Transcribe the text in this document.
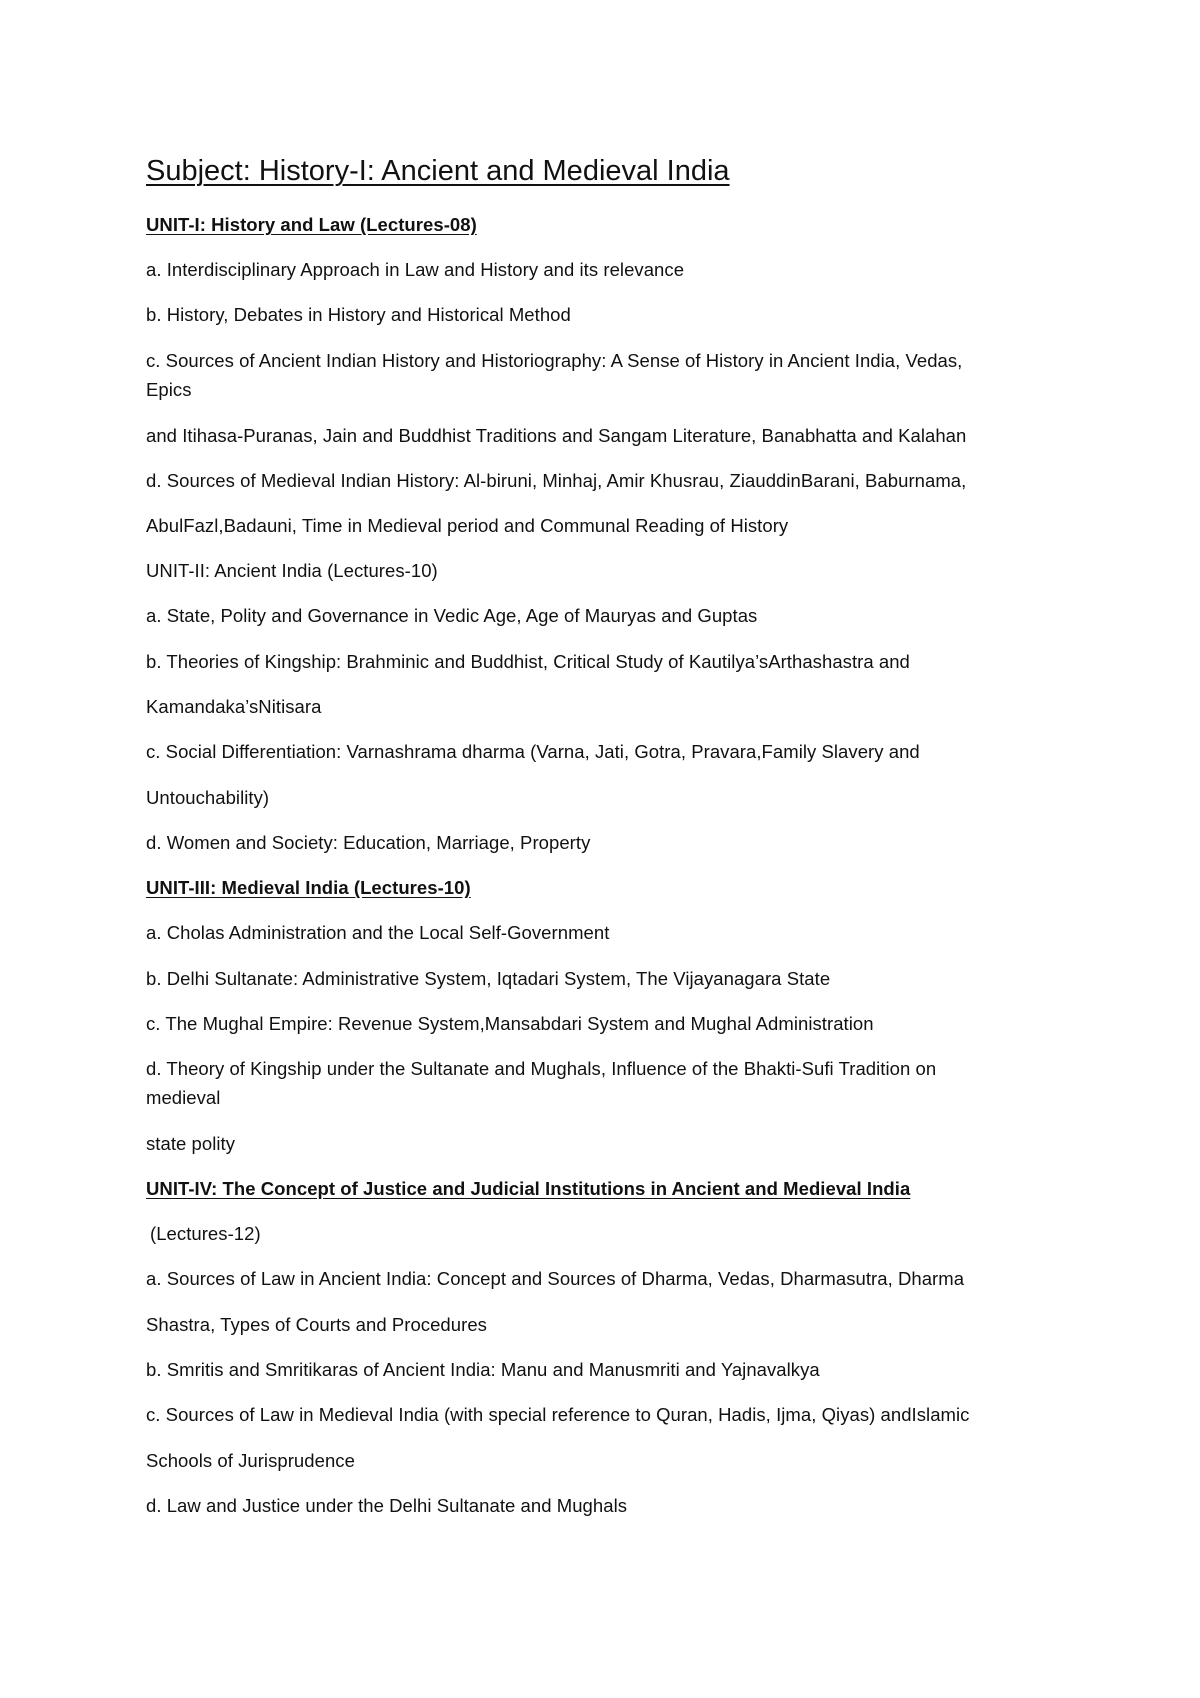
Subject: History-I: Ancient and Medieval India
UNIT-I: History and Law (Lectures-08)
a. Interdisciplinary Approach in Law and History and its relevance
b. History, Debates in History and Historical Method
c. Sources of Ancient Indian History and Historiography: A Sense of History in Ancient India, Vedas,
Epics
and Itihasa-Puranas, Jain and Buddhist Traditions and Sangam Literature, Banabhatta and Kalahan
d. Sources of Medieval Indian History: Al-biruni, Minhaj, Amir Khusrau, ZiauddinBarani, Baburnama,
AbulFazl,Badauni, Time in Medieval period and Communal Reading of History
UNIT-II: Ancient India (Lectures-10)
a. State, Polity and Governance in Vedic Age, Age of Mauryas and Guptas
b. Theories of Kingship: Brahminic and Buddhist, Critical Study of Kautilya’sArthashastra and
Kamandaka’sNitisara
c. Social Differentiation: Varnashrama dharma (Varna, Jati, Gotra, Pravara,Family Slavery and
Untouchability)
d. Women and Society: Education, Marriage, Property
UNIT-III: Medieval India (Lectures-10)
a. Cholas Administration and the Local Self-Government
b. Delhi Sultanate: Administrative System, Iqtadari System, The Vijayanagara State
c. The Mughal Empire: Revenue System,Mansabdari System and Mughal Administration
d. Theory of Kingship under the Sultanate and Mughals, Influence of the Bhakti-Sufi Tradition on
medieval
state polity
UNIT-IV: The Concept of Justice and Judicial Institutions in Ancient and Medieval India
(Lectures-12)
a. Sources of Law in Ancient India: Concept and Sources of Dharma, Vedas, Dharmasutra, Dharma
Shastra, Types of Courts and Procedures
b. Smritis and Smritikaras of Ancient India: Manu and Manusmriti and Yajnavalkya
c. Sources of Law in Medieval India (with special reference to Quran, Hadis, Ijma, Qiyas) andIslamic
Schools of Jurisprudence
d. Law and Justice under the Delhi Sultanate and Mughals
